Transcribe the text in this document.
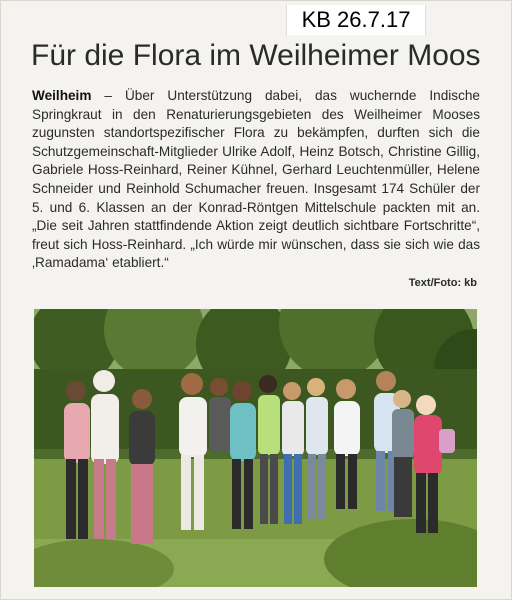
KB 26.7.17
Für die Flora im Weilheimer Moos
Weilheim – Über Unterstützung dabei, das wuchernde Indische Springkraut in den Renaturierungsgebieten des Weilheimer Mooses zugunsten standortspezifischer Flora zu bekämpfen, durften sich die Schutzgemeinschaft-Mitglieder Ulrike Adolf, Heinz Botsch, Christine Gillig, Gabriele Hoss-Reinhard, Reiner Kühnel, Gerhard Leuchtenmüller, Helene Schneider und Reinhold Schumacher freuen. Insgesamt 174 Schüler der 5. und 6. Klassen an der Konrad-Röntgen Mittelschule packten mit an. „Die seit Jahren stattfindende Aktion zeigt deutlich sichtbare Fortschritte“, freut sich Hoss-Reinhard. „Ich würde mir wünschen, dass sie sich wie das ‚Ramadama‘ etabliert.“
Text/Foto: kb
